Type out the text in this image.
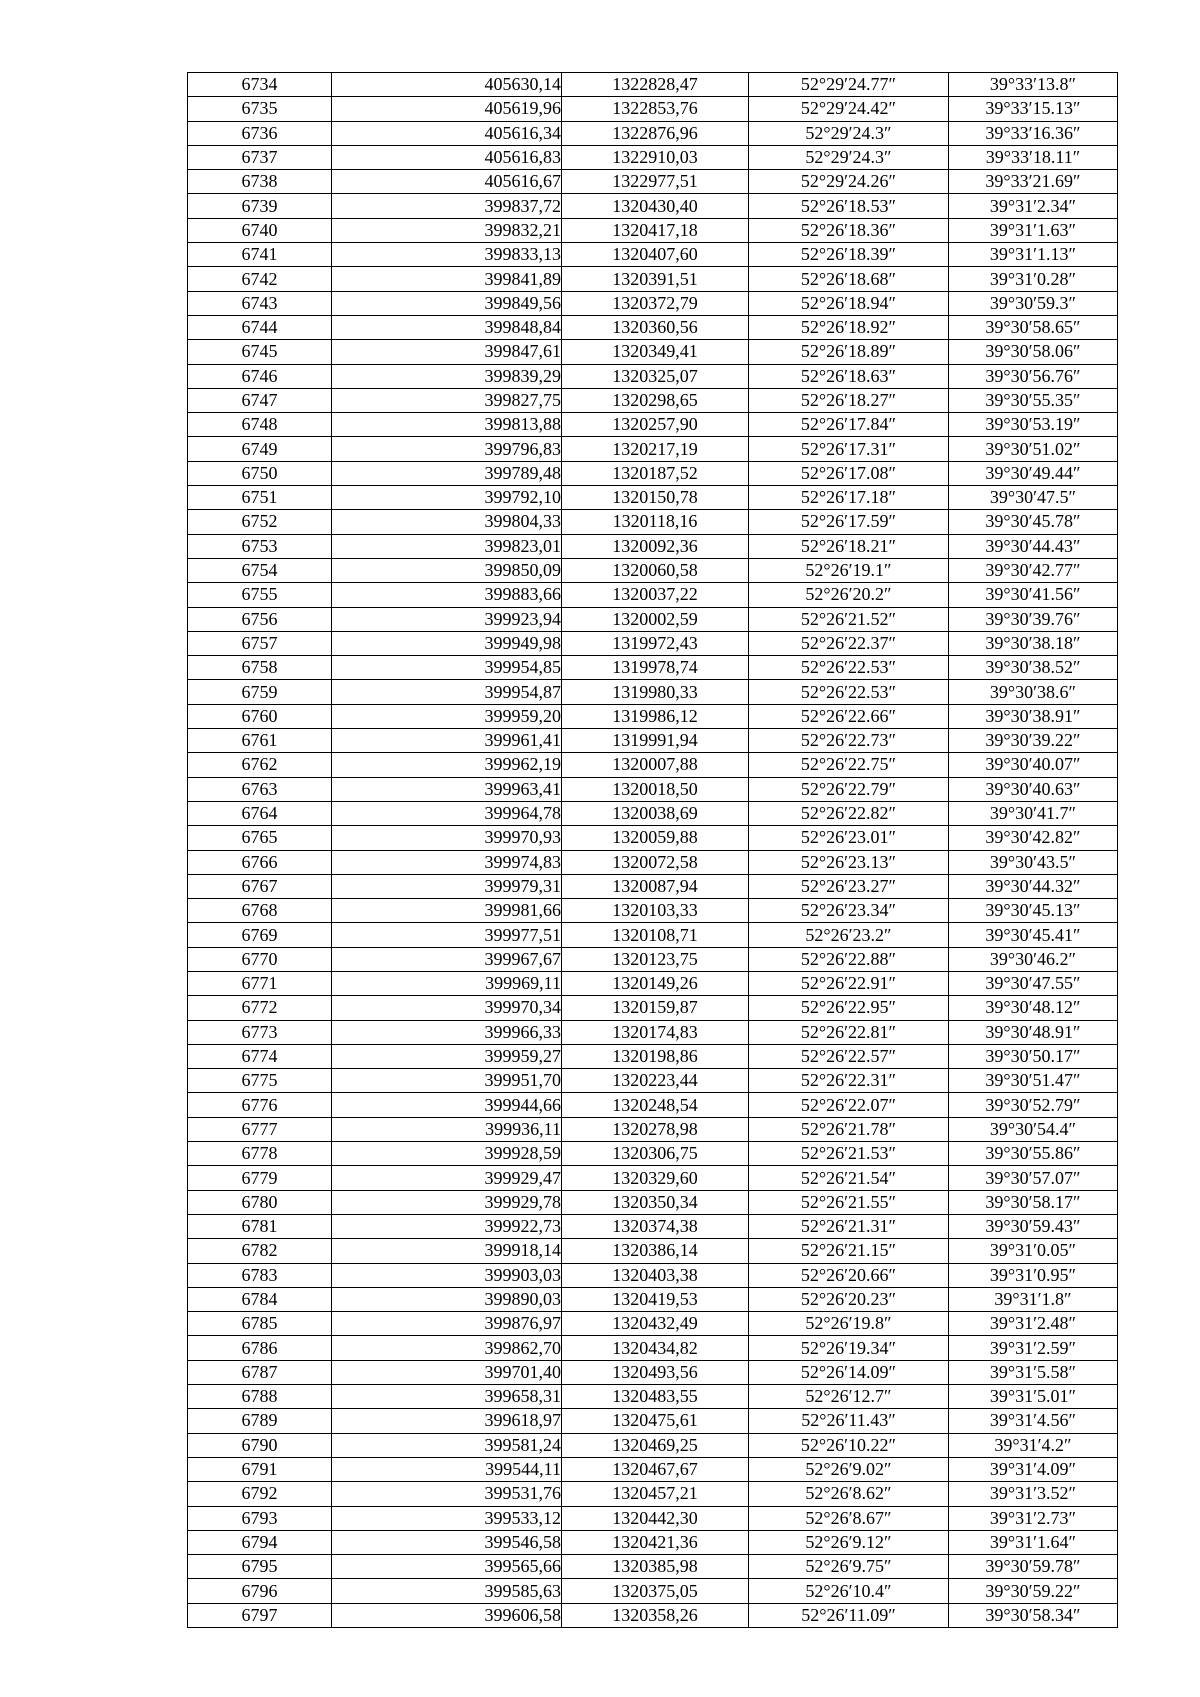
6734	405630,14	1322828,47	52°29′24.77″	39°33′13.8″
6735	405619,96	1322853,76	52°29′24.42″	39°33′15.13″
6736	405616,34	1322876,96	52°29′24.3″	39°33′16.36″
6737	405616,83	1322910,03	52°29′24.3″	39°33′18.11″
6738	405616,67	1322977,51	52°29′24.26″	39°33′21.69″
6739	399837,72	1320430,40	52°26′18.53″	39°31′2.34″
6740	399832,21	1320417,18	52°26′18.36″	39°31′1.63″
6741	399833,13	1320407,60	52°26′18.39″	39°31′1.13″
6742	399841,89	1320391,51	52°26′18.68″	39°31′0.28″
6743	399849,56	1320372,79	52°26′18.94″	39°30′59.3″
6744	399848,84	1320360,56	52°26′18.92″	39°30′58.65″
6745	399847,61	1320349,41	52°26′18.89″	39°30′58.06″
6746	399839,29	1320325,07	52°26′18.63″	39°30′56.76″
6747	399827,75	1320298,65	52°26′18.27″	39°30′55.35″
6748	399813,88	1320257,90	52°26′17.84″	39°30′53.19″
6749	399796,83	1320217,19	52°26′17.31″	39°30′51.02″
6750	399789,48	1320187,52	52°26′17.08″	39°30′49.44″
6751	399792,10	1320150,78	52°26′17.18″	39°30′47.5″
6752	399804,33	1320118,16	52°26′17.59″	39°30′45.78″
6753	399823,01	1320092,36	52°26′18.21″	39°30′44.43″
6754	399850,09	1320060,58	52°26′19.1″	39°30′42.77″
6755	399883,66	1320037,22	52°26′20.2″	39°30′41.56″
6756	399923,94	1320002,59	52°26′21.52″	39°30′39.76″
6757	399949,98	1319972,43	52°26′22.37″	39°30′38.18″
6758	399954,85	1319978,74	52°26′22.53″	39°30′38.52″
6759	399954,87	1319980,33	52°26′22.53″	39°30′38.6″
6760	399959,20	1319986,12	52°26′22.66″	39°30′38.91″
6761	399961,41	1319991,94	52°26′22.73″	39°30′39.22″
6762	399962,19	1320007,88	52°26′22.75″	39°30′40.07″
6763	399963,41	1320018,50	52°26′22.79″	39°30′40.63″
6764	399964,78	1320038,69	52°26′22.82″	39°30′41.7″
6765	399970,93	1320059,88	52°26′23.01″	39°30′42.82″
6766	399974,83	1320072,58	52°26′23.13″	39°30′43.5″
6767	399979,31	1320087,94	52°26′23.27″	39°30′44.32″
6768	399981,66	1320103,33	52°26′23.34″	39°30′45.13″
6769	399977,51	1320108,71	52°26′23.2″	39°30′45.41″
6770	399967,67	1320123,75	52°26′22.88″	39°30′46.2″
6771	399969,11	1320149,26	52°26′22.91″	39°30′47.55″
6772	399970,34	1320159,87	52°26′22.95″	39°30′48.12″
6773	399966,33	1320174,83	52°26′22.81″	39°30′48.91″
6774	399959,27	1320198,86	52°26′22.57″	39°30′50.17″
6775	399951,70	1320223,44	52°26′22.31″	39°30′51.47″
6776	399944,66	1320248,54	52°26′22.07″	39°30′52.79″
6777	399936,11	1320278,98	52°26′21.78″	39°30′54.4″
6778	399928,59	1320306,75	52°26′21.53″	39°30′55.86″
6779	399929,47	1320329,60	52°26′21.54″	39°30′57.07″
6780	399929,78	1320350,34	52°26′21.55″	39°30′58.17″
6781	399922,73	1320374,38	52°26′21.31″	39°30′59.43″
6782	399918,14	1320386,14	52°26′21.15″	39°31′0.05″
6783	399903,03	1320403,38	52°26′20.66″	39°31′0.95″
6784	399890,03	1320419,53	52°26′20.23″	39°31′1.8″
6785	399876,97	1320432,49	52°26′19.8″	39°31′2.48″
6786	399862,70	1320434,82	52°26′19.34″	39°31′2.59″
6787	399701,40	1320493,56	52°26′14.09″	39°31′5.58″
6788	399658,31	1320483,55	52°26′12.7″	39°31′5.01″
6789	399618,97	1320475,61	52°26′11.43″	39°31′4.56″
6790	399581,24	1320469,25	52°26′10.22″	39°31′4.2″
6791	399544,11	1320467,67	52°26′9.02″	39°31′4.09″
6792	399531,76	1320457,21	52°26′8.62″	39°31′3.52″
6793	399533,12	1320442,30	52°26′8.67″	39°31′2.73″
6794	399546,58	1320421,36	52°26′9.12″	39°31′1.64″
6795	399565,66	1320385,98	52°26′9.75″	39°30′59.78″
6796	399585,63	1320375,05	52°26′10.4″	39°30′59.22″
6797	399606,58	1320358,26	52°26′11.09″	39°30′58.34″
